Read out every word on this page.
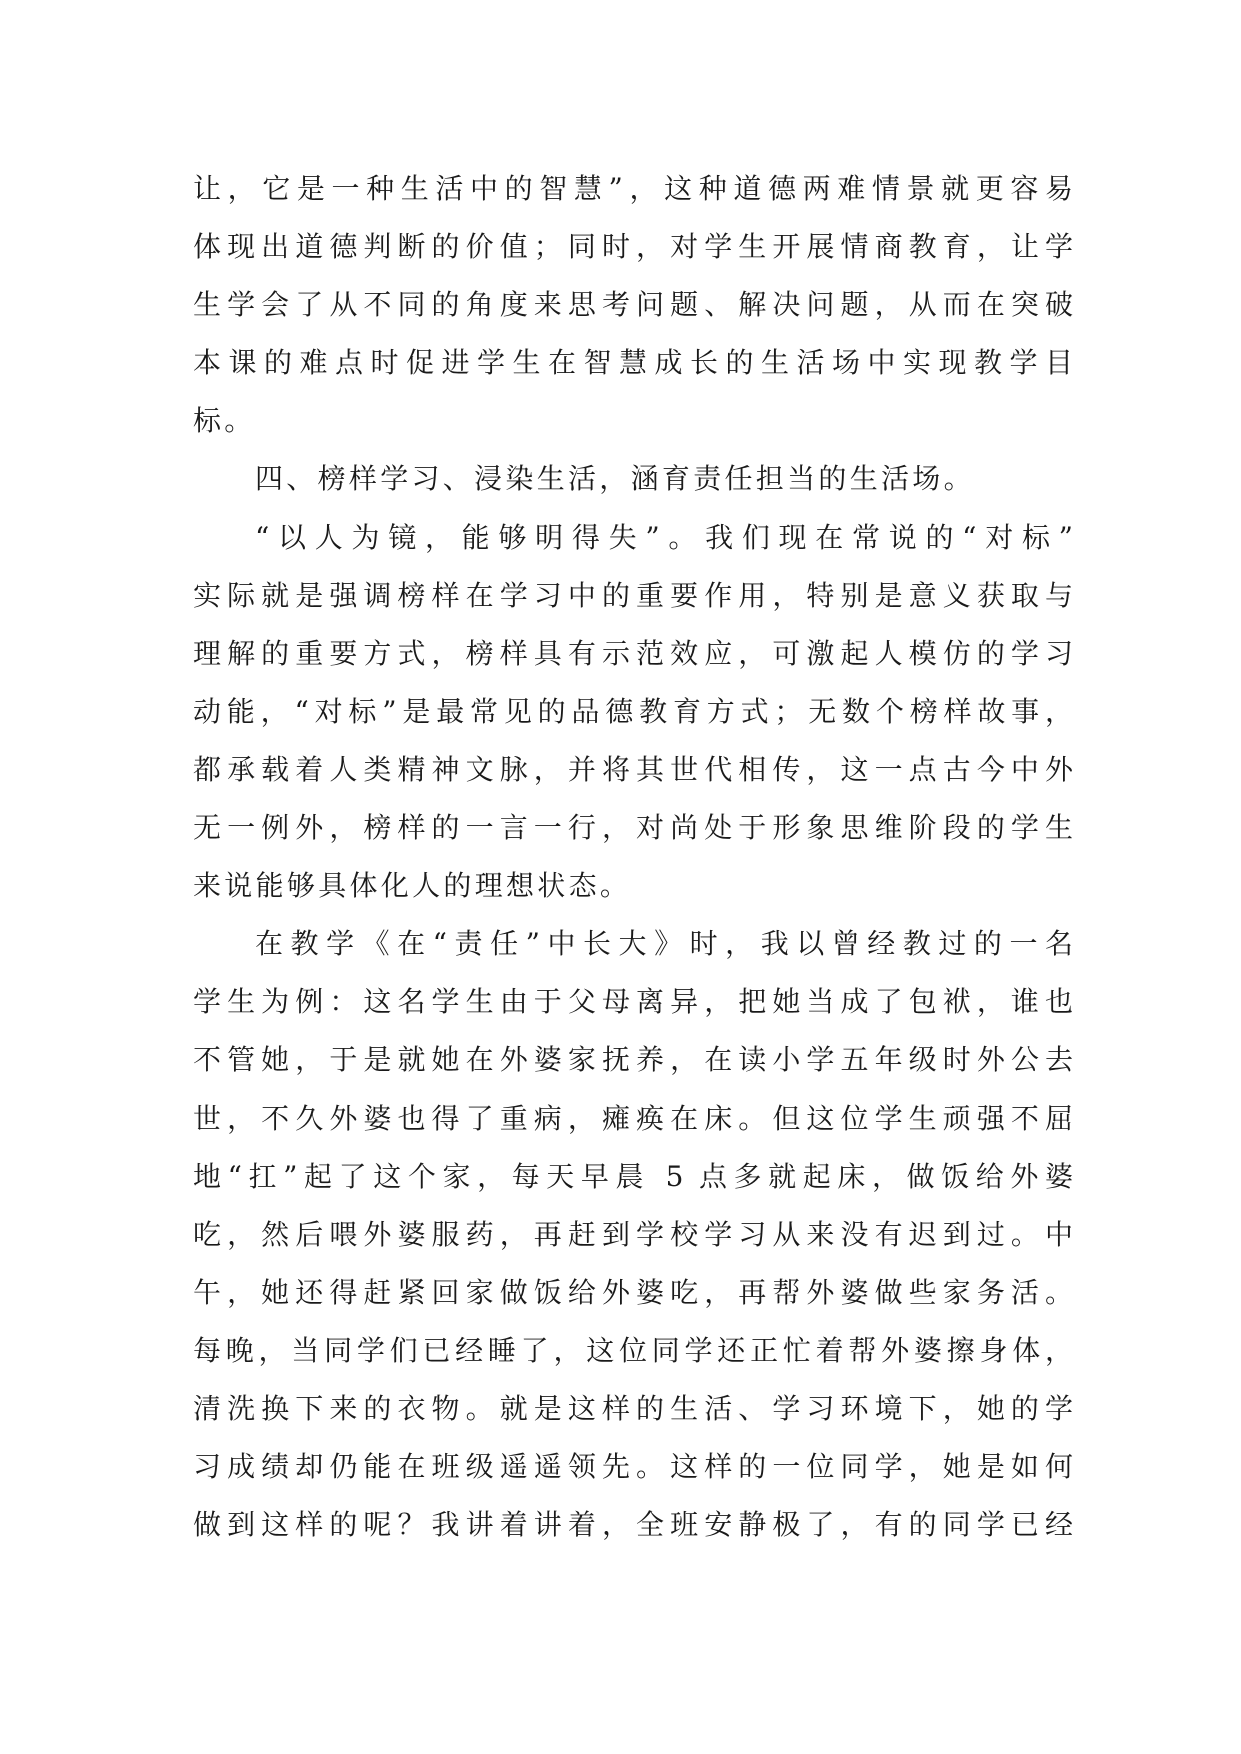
让，它是一种生活中的智慧”，这种道德两难情景就更容易
体现出道德判断的价值；同时，对学生开展情商教育，让学
生学会了从不同的角度来思考问题、解决问题，从而在突破
本课的难点时促进学生在智慧成长的生活场中实现教学目
标。
四、榜样学习、浸染生活，涵育责任担当的生活场。
“以人为镜，能够明得失”。我们现在常说的“对标”
实际就是强调榜样在学习中的重要作用，特别是意义获取与
理解的重要方式，榜样具有示范效应，可激起人模仿的学习
动能，“对标”是最常见的品德教育方式；无数个榜样故事，
都承载着人类精神文脉，并将其世代相传，这一点古今中外
无一例外，榜样的一言一行，对尚处于形象思维阶段的学生
来说能够具体化人的理想状态。
在教学《在“责任”中长大》时，我以曾经教过的一名
学生为例：这名学生由于父母离异，把她当成了包袱，谁也
不管她，于是就她在外婆家抚养，在读小学五年级时外公去
世，不久外婆也得了重病，瘫痪在床。但这位学生顽强不屈
地“扛”起了这个家，每天早晨 5 点多就起床，做饭给外婆
吃，然后喂外婆服药，再赶到学校学习从来没有迟到过。中
午，她还得赶紧回家做饭给外婆吃，再帮外婆做些家务活。
每晚，当同学们已经睡了，这位同学还正忙着帮外婆擦身体，
清洗换下来的衣物。就是这样的生活、学习环境下，她的学
习成绩却仍能在班级遥遥领先。这样的一位同学，她是如何
做到这样的呢？我讲着讲着，全班安静极了，有的同学已经
